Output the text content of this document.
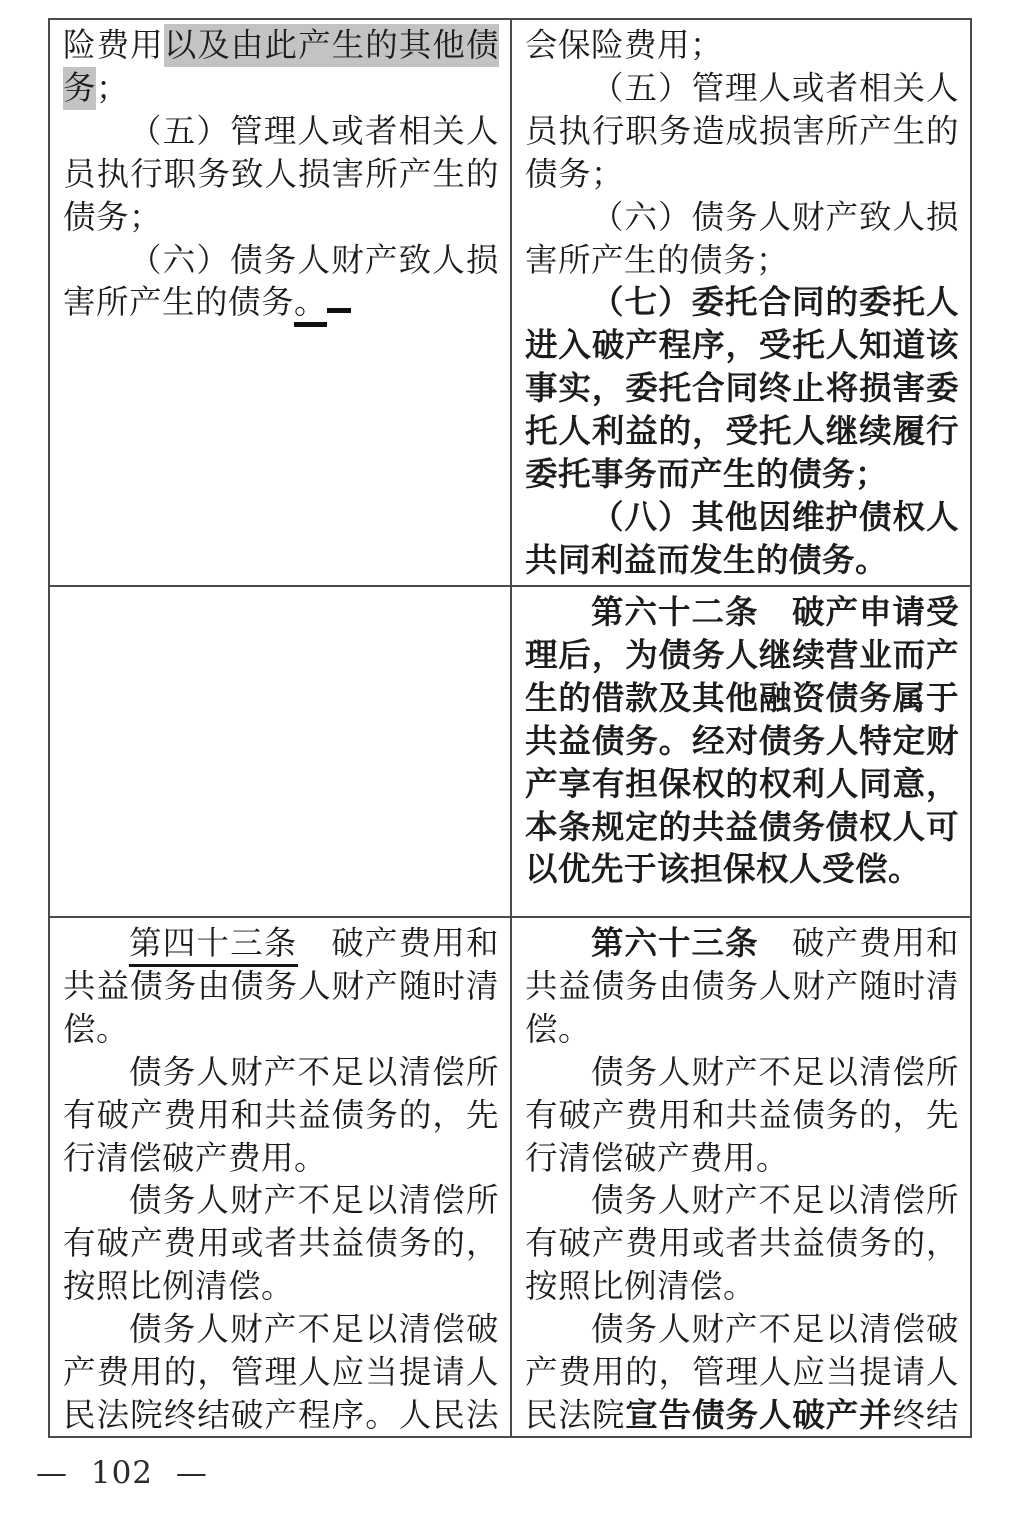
险费用以及由此产生的其他债
务；
（五）管理人或者相关人
员执行职务致人损害所产生的
债务；
（六）债务人财产致人损
害所产生的债务。
会保险费用；
（五）管理人或者相关人
员执行职务造成损害所产生的
债务；
（六）债务人财产致人损
害所产生的债务；
（七）委托合同的委托人
进入破产程序，受托人知道该
事实，委托合同终止将损害委
托人利益的，受托人继续履行
委托事务而产生的债务；
（八）其他因维护债权人
共同利益而发生的债务。
第六十二条　破产申请受
理后，为债务人继续营业而产
生的借款及其他融资债务属于
共益债务。经对债务人特定财
产享有担保权的权利人同意，
本条规定的共益债务债权人可
以优先于该担保权人受偿。
第四十三条　破产费用和
共益债务由债务人财产随时清
偿。
债务人财产不足以清偿所
有破产费用和共益债务的，先
行清偿破产费用。
债务人财产不足以清偿所
有破产费用或者共益债务的，
按照比例清偿。
债务人财产不足以清偿破
产费用的，管理人应当提请人
民法院终结破产程序。人民法
第六十三条　破产费用和
共益债务由债务人财产随时清
偿。
债务人财产不足以清偿所
有破产费用和共益债务的，先
行清偿破产费用。
债务人财产不足以清偿所
有破产费用或者共益债务的，
按照比例清偿。
债务人财产不足以清偿破
产费用的，管理人应当提请人
民法院宣告债务人破产并终结
— 102 —
